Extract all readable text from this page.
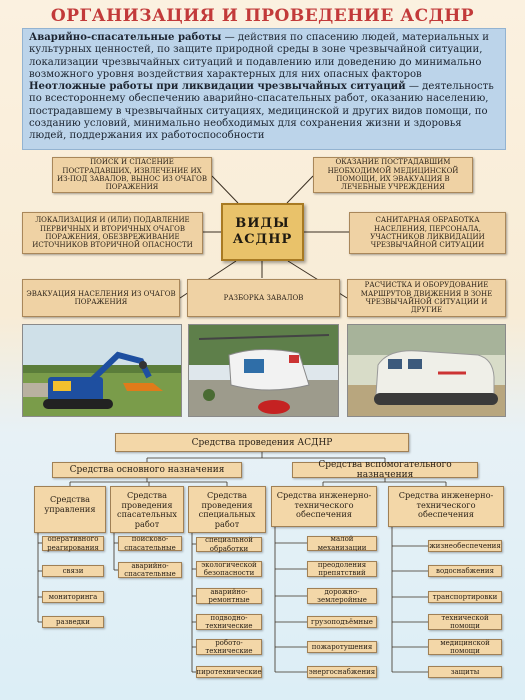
ОРГАНИЗАЦИЯ И ПРОВЕДЕНИЕ АСДНР

Аварийно-спасательные работы — действия по спасению людей, материальных и культурных ценностей, по защите природной среды в зоне чрезвычайной ситуации, локализации чрезвычайных ситуаций и подавлению или доведению до минимально возможного уровня воздействия характерных для них опасных факторов

Неотложные работы при ликвидации чрезвычайных ситуаций — деятельность по всестороннему обеспечению аварийно-спасательных работ, оказанию населению, пострадавшему в чрезвычайных ситуациях, медицинской и других видов помощи, по созданию условий, минимально необходимых для сохранения жизни и здоровья людей, поддержания их работоспособности

ПОИСК И СПАСЕНИЕ ПОСТРАДАВШИХ, ИЗВЛЕЧЕНИЕ ИХ ИЗ-ПОД ЗАВАЛОВ, ВЫНОС ИЗ ОЧАГОВ ПОРАЖЕНИЯ
ОКАЗАНИЕ ПОСТРАДАВШИМ НЕОБХОДИМОЙ МЕДИЦИНСКОЙ ПОМОЩИ, ИХ ЭВАКУАЦИЯ В ЛЕЧЕБНЫЕ УЧРЕЖДЕНИЯ
ЛОКАЛИЗАЦИЯ И (ИЛИ) ПОДАВЛЕНИЕ ПЕРВИЧНЫХ И ВТОРИЧНЫХ ОЧАГОВ ПОРАЖЕНИЯ, ОБЕЗВРЕЖИВАНИЕ ИСТОЧНИКОВ ВТОРИЧНОЙ ОПАСНОСТИ
САНИТАРНАЯ ОБРАБОТКА НАСЕЛЕНИЯ, ПЕРСОНАЛА, УЧАСТНИКОВ ЛИКВИДАЦИИ ЧРЕЗВЫЧАЙНОЙ СИТУАЦИИ
ЭВАКУАЦИЯ НАСЕЛЕНИЯ ИЗ ОЧАГОВ ПОРАЖЕНИЯ
РАЗБОРКА ЗАВАЛОВ
РАСЧИСТКА И ОБОРУДОВАНИЕ МАРШРУТОВ ДВИЖЕНИЯ В ЗОНЕ ЧРЕЗВЫЧАЙНОЙ СИТУАЦИИ И ДРУГИЕ
ВИДЫ АСДНР
Средства проведения АСДНР
Средства основного назначения	Средства вспомогательного назначения
Средства управления
Средства проведения спасательных работ
Средства проведения специальных работ
Средства инженерно-технического обеспечения
Средства инженерно-технического обеспечения
оперативного реагирования
связи
мониторинга
разведки
поисково-спасательные
аварийно-спасательные
специальной обработки
экологической безопасности
аварийно-ремонтные
подводно-технические
робото-технические
пиротехнические
малой механизации
преодоления препятствий
дорожно-землеройные
грузоподъёмные
пожаротушения
энергоснабжения
жизнеобеспечения
водоснабжения
транспортировки
технической помощи
медицинской помощи
защиты
